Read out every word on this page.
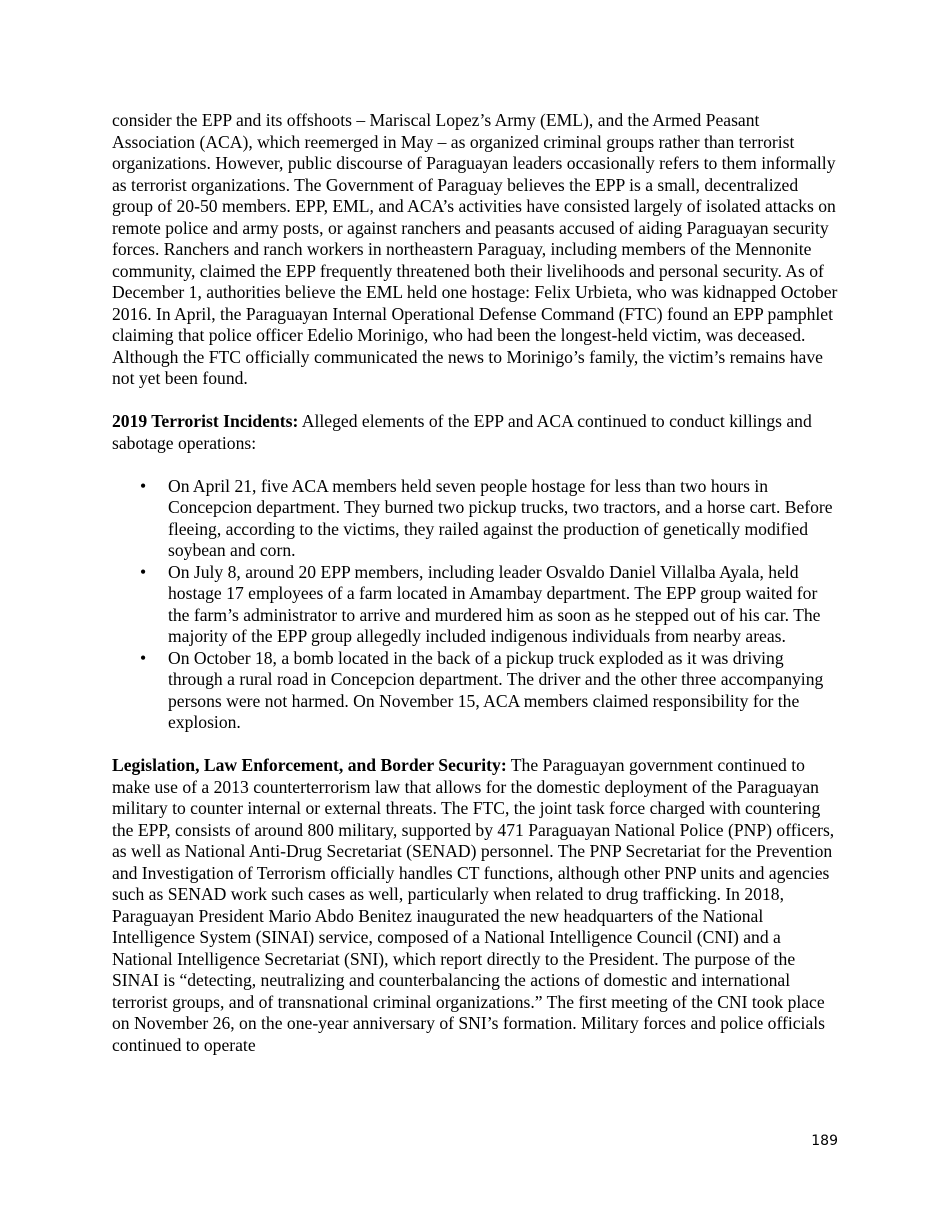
consider the EPP and its offshoots – Mariscal Lopez’s Army (EML), and the Armed Peasant Association (ACA), which reemerged in May – as organized criminal groups rather than terrorist organizations. However, public discourse of Paraguayan leaders occasionally refers to them informally as terrorist organizations. The Government of Paraguay believes the EPP is a small, decentralized group of 20-50 members. EPP, EML, and ACA’s activities have consisted largely of isolated attacks on remote police and army posts, or against ranchers and peasants accused of aiding Paraguayan security forces. Ranchers and ranch workers in northeastern Paraguay, including members of the Mennonite community, claimed the EPP frequently threatened both their livelihoods and personal security. As of December 1, authorities believe the EML held one hostage: Felix Urbieta, who was kidnapped October 2016. In April, the Paraguayan Internal Operational Defense Command (FTC) found an EPP pamphlet claiming that police officer Edelio Morinigo, who had been the longest-held victim, was deceased. Although the FTC officially communicated the news to Morinigo’s family, the victim’s remains have not yet been found.

2019 Terrorist Incidents: Alleged elements of the EPP and ACA continued to conduct killings and sabotage operations:

•	On April 21, five ACA members held seven people hostage for less than two hours in Concepcion department. They burned two pickup trucks, two tractors, and a horse cart. Before fleeing, according to the victims, they railed against the production of genetically modified soybean and corn.
•	On July 8, around 20 EPP members, including leader Osvaldo Daniel Villalba Ayala, held hostage 17 employees of a farm located in Amambay department. The EPP group waited for the farm’s administrator to arrive and murdered him as soon as he stepped out of his car. The majority of the EPP group allegedly included indigenous individuals from nearby areas.
•	On October 18, a bomb located in the back of a pickup truck exploded as it was driving through a rural road in Concepcion department. The driver and the other three accompanying persons were not harmed. On November 15, ACA members claimed responsibility for the explosion.

Legislation, Law Enforcement, and Border Security: The Paraguayan government continued to make use of a 2013 counterterrorism law that allows for the domestic deployment of the Paraguayan military to counter internal or external threats. The FTC, the joint task force charged with countering the EPP, consists of around 800 military, supported by 471 Paraguayan National Police (PNP) officers, as well as National Anti-Drug Secretariat (SENAD) personnel. The PNP Secretariat for the Prevention and Investigation of Terrorism officially handles CT functions, although other PNP units and agencies such as SENAD work such cases as well, particularly when related to drug trafficking. In 2018, Paraguayan President Mario Abdo Benitez inaugurated the new headquarters of the National Intelligence System (SINAI) service, composed of a National Intelligence Council (CNI) and a National Intelligence Secretariat (SNI), which report directly to the President. The purpose of the SINAI is “detecting, neutralizing and counterbalancing the actions of domestic and international terrorist groups, and of transnational criminal organizations.” The first meeting of the CNI took place on November 26, on the one-year anniversary of SNI’s formation. Military forces and police officials continued to operate

189
